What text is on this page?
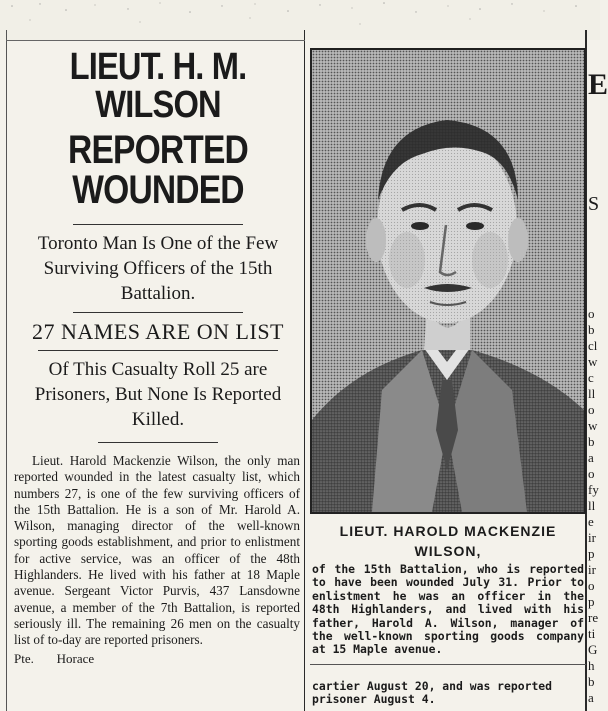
LIEUT. H. M. WILSON
REPORTED WOUNDED
Toronto Man Is One of the Few Surviving Officers of the 15th Battalion.
27 NAMES ARE ON LIST
Of This Casualty Roll 25 are Prisoners, But None Is Reported Killed.

Lieut. Harold Mackenzie Wilson, the only man reported wounded in the latest casualty list, which numbers 27, is one of the few surviving officers of the 15th Battalion. He is a son of Mr. Harold A. Wilson, managing director of the well-known sporting goods establishment, and prior to enlistment for active service, was an officer of the 48th Highlanders. He lived with his father at 18 Maple avenue. Sergeant Victor Purvis, 437 Lansdowne avenue, a member of the 7th Battalion, is reported seriously ill. The remaining 26 men on the casualty list of to-day are reported prisoners.

Pte.       Horace
LIEUT. HAROLD MACKENZIE WILSON,

of the 15th Battalion, who is reported to have been wounded July 31. Prior to enlistment he was an officer in the 48th Highlanders, and lived with his father, Harold A. Wilson, manager of the well-known sporting goods company at 15 Maple avenue.

cartier August 20, and was reported prisoner August 4.
E
S
o
b
cl
w
c
ll
o
w
b
a
o
fy
ll
e
ir
p
ir
o
p
re
ti
G
h
b
a
